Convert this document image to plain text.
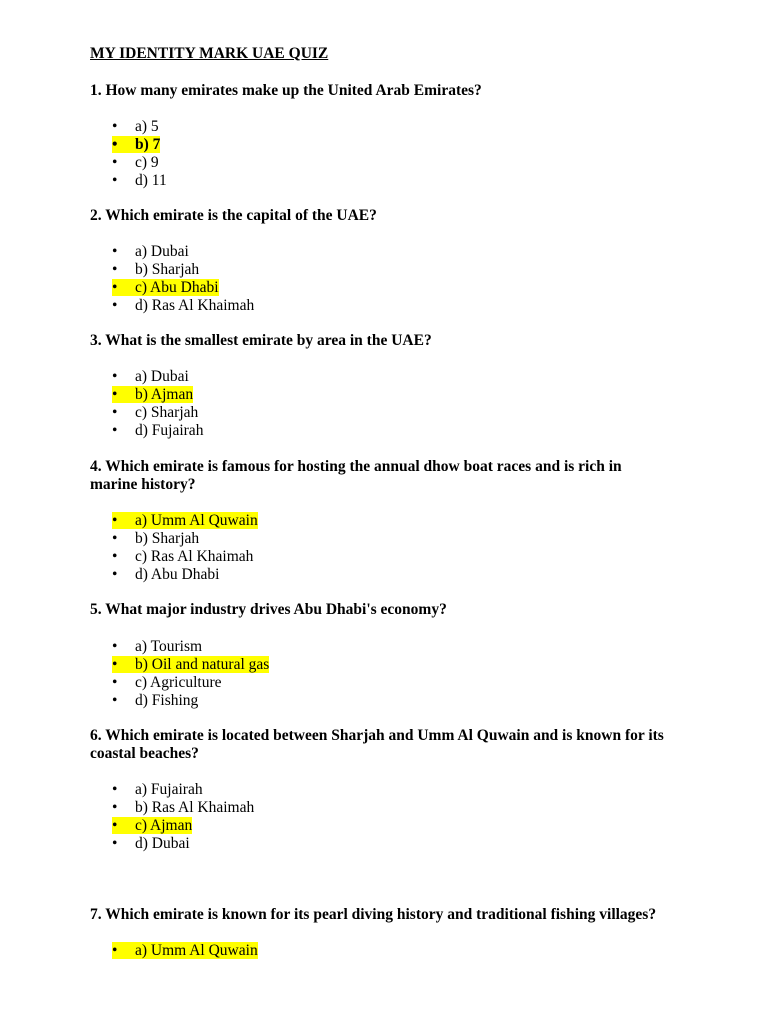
MY IDENTITY MARK UAE QUIZ

1. How many emirates make up the United Arab Emirates?

•a) 5
•b) 7
•c) 9
•d) 11

2. Which emirate is the capital of the UAE?

•a) Dubai
•b) Sharjah
•c) Abu Dhabi
•d) Ras Al Khaimah

3. What is the smallest emirate by area in the UAE?

•a) Dubai
•b) Ajman
•c) Sharjah
•d) Fujairah

4. Which emirate is famous for hosting the annual dhow boat races and is rich in marine history?

•a) Umm Al Quwain
•b) Sharjah
•c) Ras Al Khaimah
•d) Abu Dhabi

5. What major industry drives Abu Dhabi's economy?

•a) Tourism
•b) Oil and natural gas
•c) Agriculture
•d) Fishing

6. Which emirate is located between Sharjah and Umm Al Quwain and is known for its coastal beaches?

•a) Fujairah
•b) Ras Al Khaimah
•c) Ajman
•d) Dubai

7. Which emirate is known for its pearl diving history and traditional fishing villages?

•a) Umm Al Quwain
